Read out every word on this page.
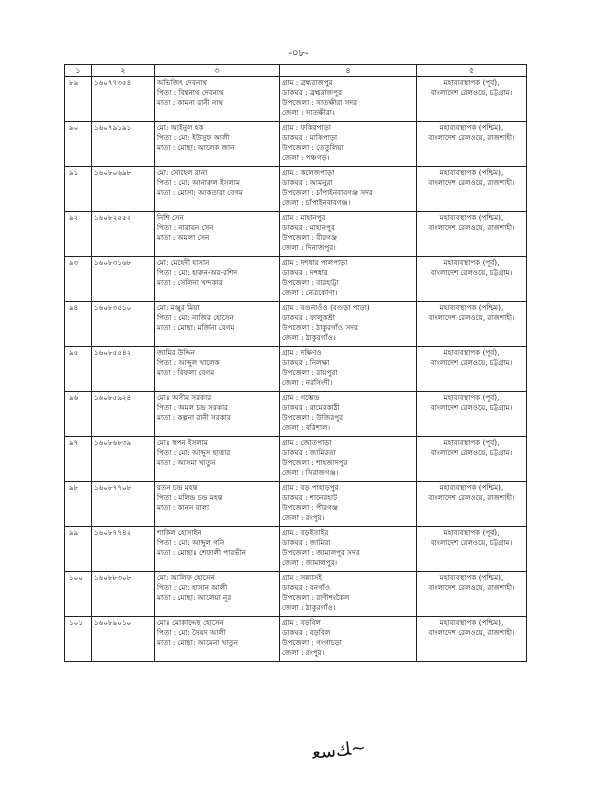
-০৮-
১	২	৩	৪	৫
৮৯	১৬০৭৭৩৫৪	অভিজিৎ দেবনাথ
পিতা : বিশ্বনাথ দেবনাথ
মাতা : কামনা রানী নাথ	গ্রাম : ব্রহ্মরাজপুর
ডাকঘর : ব্রহ্মরাজপুর
উপজেলা : সাতক্ষীরা সদর
জেলা : সাতক্ষীরা।	মহাব্যবস্থাপক (পূর্ব),
বাংলাদেশ রেলওয়ে, চট্টগ্রাম।

৯০	১৬০৭৯১৯১	মো: আইনুল হক
পিতা : মো: ইউসুফ আলী
মাতা : মোছা: আলেক জান	গ্রাম : ফকিরপাড়া
ডাকঘর : মাকিপাড়া
উপজেলা : তেতুলিয়া
জেলা : পঞ্চগড়।	মহাব্যবস্থাপক (পশ্চিম),
বাংলাদেশ রেলওয়ে, রাজশাহী।

৯১	১৬০৮০৬৯৮	মো: সোহেল রানা
পিতা : মো: আনারুল ইসলাম
মাতা : মোসা: আকতারা বেগম	গ্রাম : কলেজপাড়া
ডাকঘর : আমনুরা
উপজেলা : চাঁপাইনবাবগঞ্জ সদর
জেলা : চাঁপাইনবাবগঞ্জ।	মহাব্যবস্থাপক (পশ্চিম),
বাংলাদেশ রেলওয়ে, রাজশাহী।

৯২	১৬০৮২৫৫২	নিশি সেন
পিতা : নারায়ন সেন
মাতা : অমলা সেন	গ্রাম : মাহানপুর
ডাকঘর : মাহানপুর
উপজেলা : বীরগঞ্জ
জেলা : দিনাজপুর।	মহাব্যবস্থাপক (পশ্চিম),
বাংলাদেশ রেলওয়ে, রাজশাহী।

৯৩	১৬০৮৩১৬৮	মো: মেহেদী হাসান
পিতা : মো: হারুন-অর-রশিদ
মাতা : সেলিনা খন্দকার	গ্রাম : দশধার পালপাড়া
ডাকঘর : দশধার
উপজেলা : বারহাট্টা
জেলা : নেত্রকোণা।	মহাব্যবস্থাপক (পূর্ব),
বাংলাদেশ রেলওয়ে, চট্টগ্রাম।

৯৪	১৬০৮৩৫১০	মো: মঞ্জুর মিয়া
পিতা : মো: নাজির হোসেন
মাতা : মোছা: মর্জিনা বেগম	গ্রাম : বগুনাওঁও (বগুড়া পাড়া)
ডাকঘর : ফালুকশ্রী
উপজেলা : ঠাকুরগাঁও সদর
জেলা : ঠাকুরগাঁও।	মহাব্যবস্থাপক (পশ্চিম),
বাংলাদেশ রেলওয়ে, রাজশাহী।

৯৫	১৬০৮৫৫৪২	জামির উদ্দিন
পিতা : আব্দুল খালেক
মাতা : বিফলা বেগম	গ্রাম : দক্ষিণও
ডাকঘর : নিলক্ষা
উপজেলা : রায়পুরা
জেলা : নরসিংদী।	মহাব্যবস্থাপক (পূর্ব),
বাংলাদেশ রেলওয়ে, চট্টগ্রাম।

৯৬	১৬০৮৫৯২৪	মোঃ অসীম সরকার
পিতা : অমল চন্দ্র সরকার
মাতা : কল্পনা রানী সরকার	গ্রাম : গম্ভেন্দ্র
ডাকঘর : রামেরকাঠী
উপজেলা : উজিরপুর
জেলা : বরিশাল।	মহাব্যবস্থাপক (পূর্ব),
বাংলাদেশ রেলওয়ে, চট্টগ্রাম।

৯৭	১৬০৮৬৮৩৯	মোঃ স্বপন ইসলাম
পিতা : মো: আব্দুস ছাত্তার
মাতা : আসমা খাতুন	গ্রাম : জোতপাড়া
ডাকঘর : জামিরতা
উপজেলা : শাহজাদপুর
জেলা : সিরাজগঞ্জ।	মহাব্যবস্থাপক (পূর্ব),
বাংলাদেশ রেলওয়ে, চট্টগ্রাম।

৯৮	১৬০৮৭৭০৮	রতন চন্দ্র মহন্ত
পিতা : মলিন্দ্র চন্দ্র মহন্ত
মাতা : কানন বালা	গ্রাম : বড় পাহাড়পুর
ডাকঘর : শানেরহাট
উপজেলা : পীরগঞ্জ
জেলা : রংপুর।	মহাব্যবস্থাপক (পশ্চিম),
বাংলাদেশ রেলওয়ে, রাজশাহী।

৯৯	১৬০৮৭৭৪২	শাকিল হোসাইন
পিতা : মো: আব্দুল গনি
মাতা : মোছাঃ শেফালী পারভীন	গ্রাম : বড়ইতাইর
ডাকঘর : জামিরা
উপজেলা : জামালপুর সদর
জেলা : জামালপুর।	মহাব্যবস্থাপক (পূর্ব),
বাংলাদেশ রেলওয়ে, চট্টগ্রাম।

১০০	১৬০৮৮৩০৮	মো: আলিফ হোসেন
পিতা : মো: হাসান আলী
মাতা : মোছা: আলেয়া নূর	গ্রাম : সন্ন্যাসই
ডাকঘর : বনগাঁও
উপজেলা : রাণীশংকৈল
জেলা : ঠাকুরগাঁও।	মহাব্যবস্থাপক (পশ্চিম),
বাংলাদেশ রেলওয়ে, রাজশাহী।

১০১	১৬০৮৯০১০	মোঃ মোকাদ্দেছ হোসেন
পিতা : মো: সৈয়দ আলী
মাতা : মোছা: আমেনা খাতুন	গ্রাম : বড়বিল
ডাকঘর : বড়বিল
উপজেলা : গংগাচড়া
জেলা : রংপুর।	মহাব্যবস্থাপক (পশ্চিম),
বাংলাদেশ রেলওয়ে, রাজশাহী।
ﻚﺳﻌ~
